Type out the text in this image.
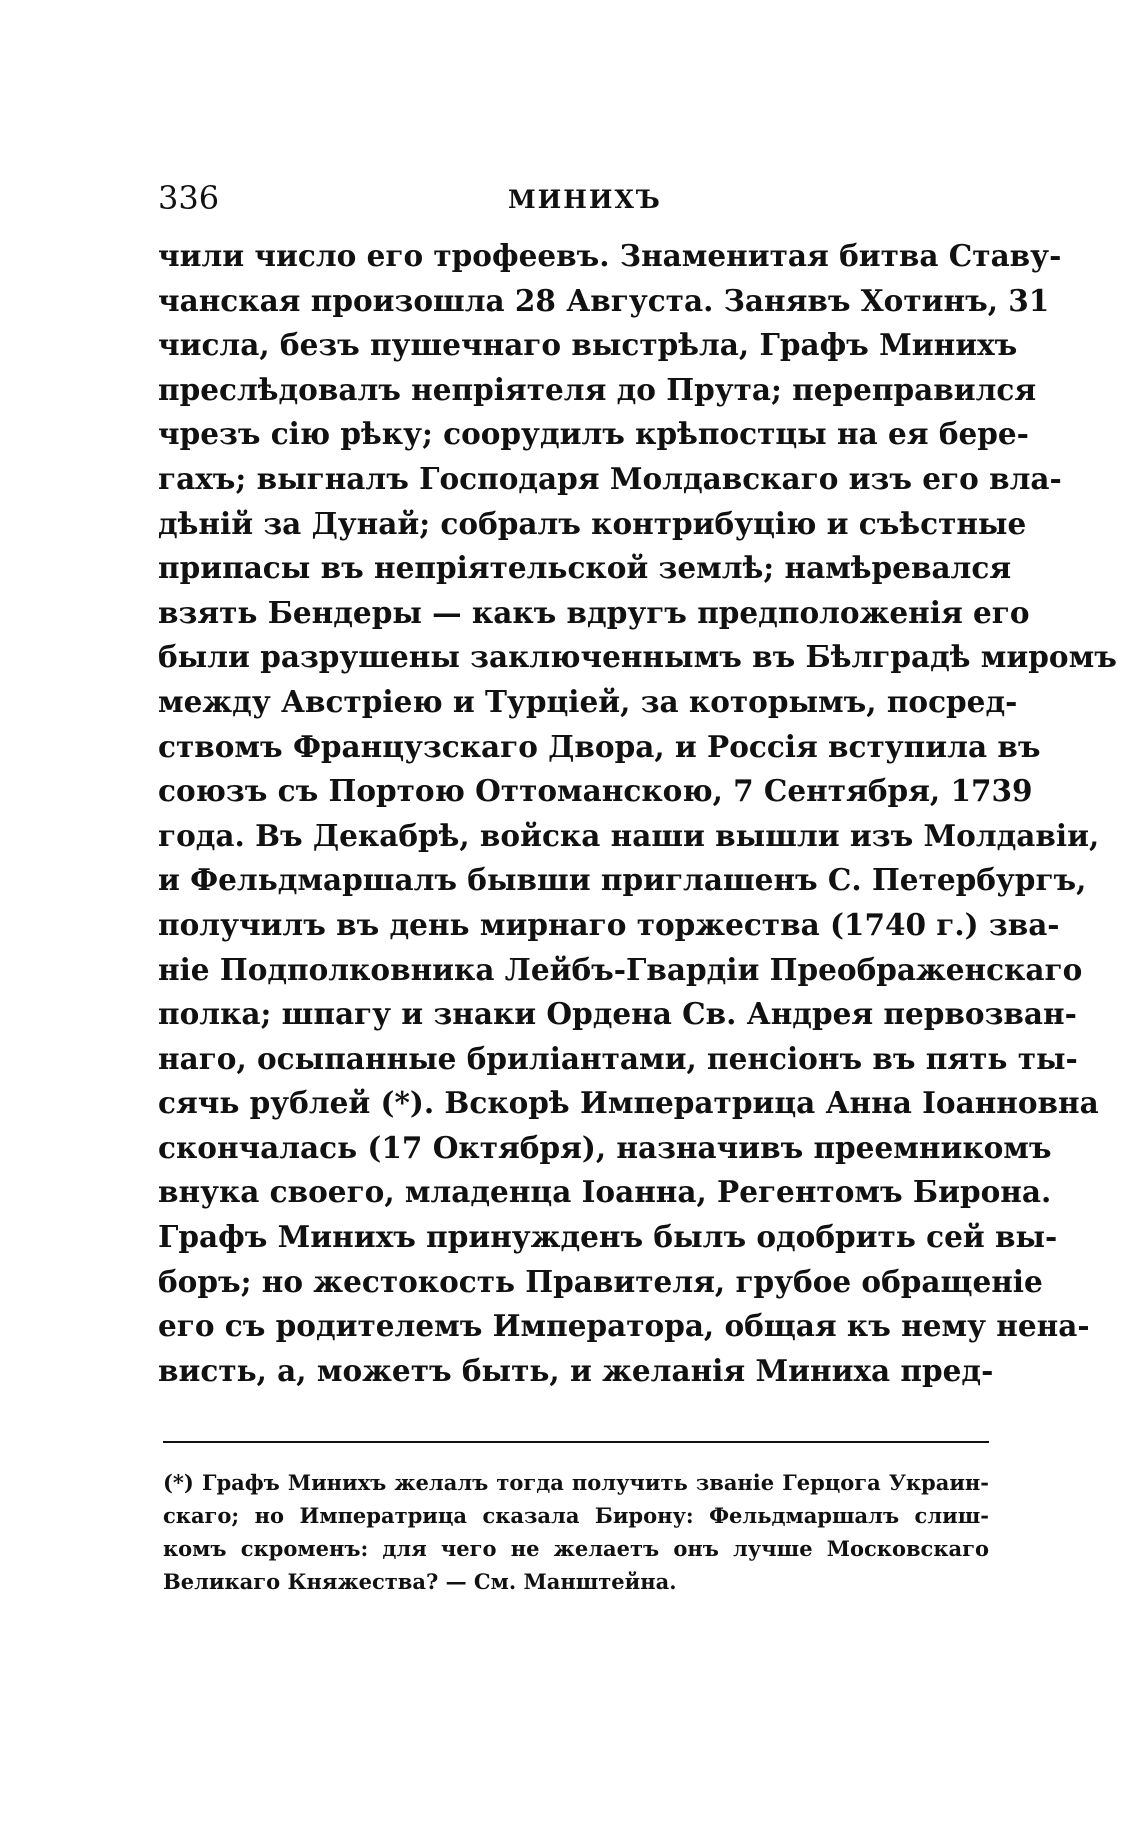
336	МИНИХЪ
чили число его трофеевъ. Знаменитая битва Ставу-
чанская произошла 28 Августа. Занявъ Хотинъ, 31
числа, безъ пушечнаго выстрѣла, Графъ Минихъ
преслѣдовалъ непріятеля до Прута; переправился
чрезъ сію рѣку; соорудилъ крѣпостцы на ея бере-
гахъ; выгналъ Господаря Молдавскаго изъ его вла-
дѣній за Дунай; собралъ контрибуцію и съѣстные
припасы въ непріятельской землѣ; намѣревался
взять Бендеры — какъ вдругъ предположенія его
были разрушены заключеннымъ въ Бѣлградѣ миромъ
между Австріею и Турціей, за которымъ, посред-
ствомъ Французскаго Двора, и Россія вступила въ
союзъ съ Портою Оттоманскою, 7 Сентября, 1739
года. Въ Декабрѣ, войска наши вышли изъ Молдавіи,
и Фельдмаршалъ бывши приглашенъ С. Петербургъ,
получилъ въ день мирнаго торжества (1740 г.) зва-
ніе Подполковника Лейбъ-Гвардіи Преображенскаго
полка; шпагу и знаки Ордена Св. Андрея первозван-
наго, осыпанные бриліантами, пенсіонъ въ пять ты-
сячь рублей (*). Вскорѣ Императрица Анна Іоанновна
скончалась (17 Октября), назначивъ преемникомъ
внука своего, младенца Іоанна, Регентомъ Бирона.
Графъ Минихъ принужденъ былъ одобрить сей вы-
боръ; но жестокость Правителя, грубое обращеніе
его съ родителемъ Императора, общая къ нему нена-
висть, а, можетъ быть, и желанія Миниха пред-
(*) Графъ Минихъ желалъ тогда получить званіе Герцога Украин-
скаго; но Императрица сказала Бирону: Фельдмаршалъ слиш-
комъ скроменъ: для чего не желаетъ онъ лучше Московскаго
Великаго Княжества? — См. Манштейна.
